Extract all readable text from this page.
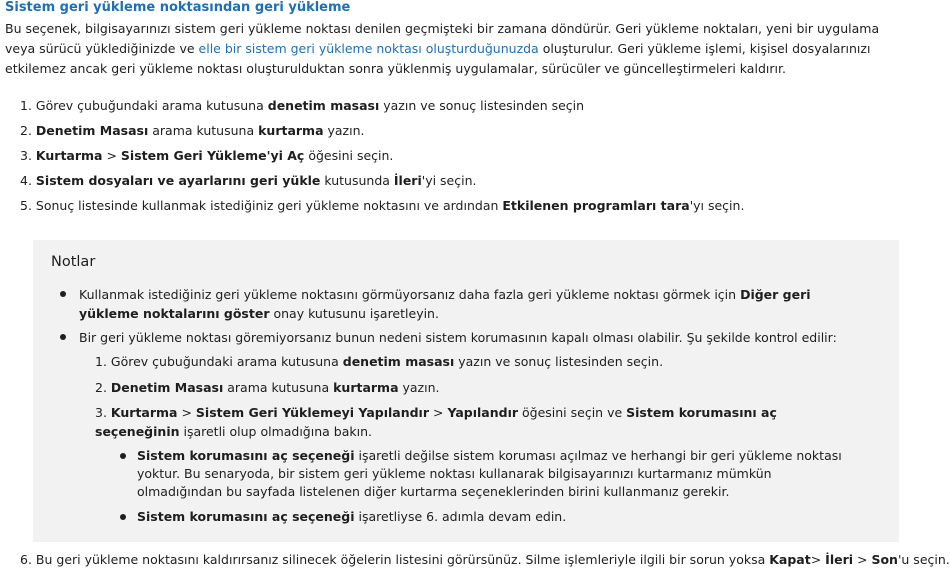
Sistem geri yükleme noktasından geri yükleme
Bu seçenek, bilgisayarınızı sistem geri yükleme noktası denilen geçmişteki bir zamana döndürür. Geri yükleme noktaları, yeni bir uygulama veya sürücü yüklediğinizde ve elle bir sistem geri yükleme noktası oluşturduğunuzda oluşturulur. Geri yükleme işlemi, kişisel dosyalarınızı etkilemez ancak geri yükleme noktası oluşturulduktan sonra yüklenmiş uygulamalar, sürücüler ve güncelleştirmeleri kaldırır.
1. Görev çubuğundaki arama kutusuna denetim masası yazın ve sonuç listesinden seçin
2. Denetim Masası arama kutusuna kurtarma yazın.
3. Kurtarma > Sistem Geri Yükleme'yi Aç öğesini seçin.
4. Sistem dosyaları ve ayarlarını geri yükle kutusunda İleri'yi seçin.
5. Sonuç listesinde kullanmak istediğiniz geri yükleme noktasını ve ardından Etkilenen programları tara'yı seçin.
Notlar
Kullanmak istediğiniz geri yükleme noktasını görmüyorsanız daha fazla geri yükleme noktası görmek için Diğer geri yükleme noktalarını göster onay kutusunu işaretleyin.
Bir geri yükleme noktası göremiyorsanız bunun nedeni sistem korumasının kapalı olması olabilir. Şu şekilde kontrol edilir:
1. Görev çubuğundaki arama kutusuna denetim masası yazın ve sonuç listesinden seçin.
2. Denetim Masası arama kutusuna kurtarma yazın.
3. Kurtarma > Sistem Geri Yüklemeyi Yapılandır > Yapılandır öğesini seçin ve Sistem korumasını aç seçeneğinin işaretli olup olmadığına bakın.
Sistem korumasını aç seçeneği işaretli değilse sistem koruması açılmaz ve herhangi bir geri yükleme noktası yoktur. Bu senaryoda, bir sistem geri yükleme noktası kullanarak bilgisayarınızı kurtarmanız mümkün olmadığından bu sayfada listelenen diğer kurtarma seçeneklerinden birini kullanmanız gerekir.
Sistem korumasını aç seçeneği işaretliyse 6. adımla devam edin.
6. Bu geri yükleme noktasını kaldırırsanız silinecek öğelerin listesini görürsünüz. Silme işlemleriyle ilgili bir sorun yoksa Kapat> İleri > Son'u seçin.
